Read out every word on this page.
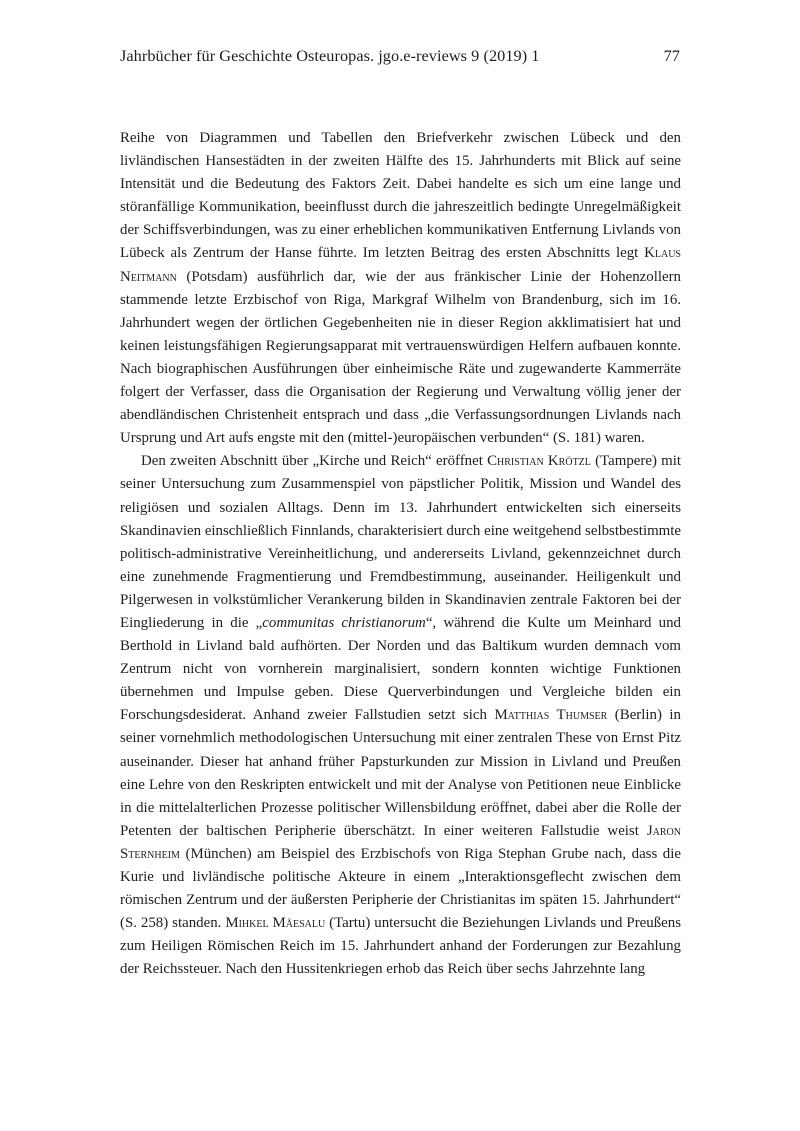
Jahrbücher für Geschichte Osteuropas. jgo.e-reviews 9 (2019) 1	77

Reihe von Diagrammen und Tabellen den Briefverkehr zwischen Lübeck und den livländischen Hansestädten in der zweiten Hälfte des 15. Jahrhunderts mit Blick auf seine Intensität und die Bedeutung des Faktors Zeit. Dabei handelte es sich um eine lange und störanfällige Kommunikation, beeinflusst durch die jahreszeitlich bedingte Unregelmäßigkeit der Schiffsverbindungen, was zu einer erheblichen kommunikativen Entfernung Livlands von Lübeck als Zentrum der Hanse führte. Im letzten Beitrag des ersten Abschnitts legt Klaus Neitmann (Potsdam) ausführlich dar, wie der aus fränkischer Linie der Hohenzollern stammende letzte Erzbischof von Riga, Markgraf Wilhelm von Brandenburg, sich im 16. Jahrhundert wegen der örtlichen Gegebenheiten nie in dieser Region akklimatisiert hat und keinen leistungsfähigen Regierungsapparat mit vertrauenswürdigen Helfern aufbauen konnte. Nach biographischen Ausführungen über einheimische Räte und zugewanderte Kammerräte folgert der Verfasser, dass die Organisation der Regierung und Verwaltung völlig jener der abendländischen Christenheit entsprach und dass „die Verfassungsordnungen Livlands nach Ursprung und Art aufs engste mit den (mittel-)europäischen verbunden“ (S. 181) waren.

Den zweiten Abschnitt über „Kirche und Reich“ eröffnet Christian Krötzl (Tampere) mit seiner Untersuchung zum Zusammenspiel von päpstlicher Politik, Mission und Wandel des religiösen und sozialen Alltags. Denn im 13. Jahrhundert entwickelten sich einerseits Skandinavien einschließlich Finnlands, charakterisiert durch eine weitgehend selbstbestimmte politisch-administrative Vereinheitlichung, und andererseits Livland, gekennzeichnet durch eine zunehmende Fragmentierung und Fremdbestimmung, auseinander. Heiligenkult und Pilgerwesen in volkstümlicher Verankerung bilden in Skandinavien zentrale Faktoren bei der Eingliederung in die „communitas christianorum“, während die Kulte um Meinhard und Berthold in Livland bald aufhörten. Der Norden und das Baltikum wurden demnach vom Zentrum nicht von vornherein marginalisiert, sondern konnten wichtige Funktionen übernehmen und Impulse geben. Diese Querverbindungen und Vergleiche bilden ein Forschungsdesiderat. Anhand zweier Fallstudien setzt sich Matthias Thumser (Berlin) in seiner vornehmlich methodologischen Untersuchung mit einer zentralen These von Ernst Pitz auseinander. Dieser hat anhand früher Papsturkunden zur Mission in Livland und Preußen eine Lehre von den Reskripten entwickelt und mit der Analyse von Petitionen neue Einblicke in die mittelalterlichen Prozesse politischer Willensbildung eröffnet, dabei aber die Rolle der Petenten der baltischen Peripherie überschätzt. In einer weiteren Fallstudie weist Jaron Sternheim (München) am Beispiel des Erzbischofs von Riga Stephan Grube nach, dass die Kurie und livländische politische Akteure in einem „Interaktionsgeflecht zwischen dem römischen Zentrum und der äußersten Peripherie der Christianitas im späten 15. Jahrhundert“ (S. 258) standen. Mihkel Mäesalu (Tartu) untersucht die Beziehungen Livlands und Preußens zum Heiligen Römischen Reich im 15. Jahrhundert anhand der Forderungen zur Bezahlung der Reichssteuer. Nach den Hussitenkriegen erhob das Reich über sechs Jahrzehnte lang
